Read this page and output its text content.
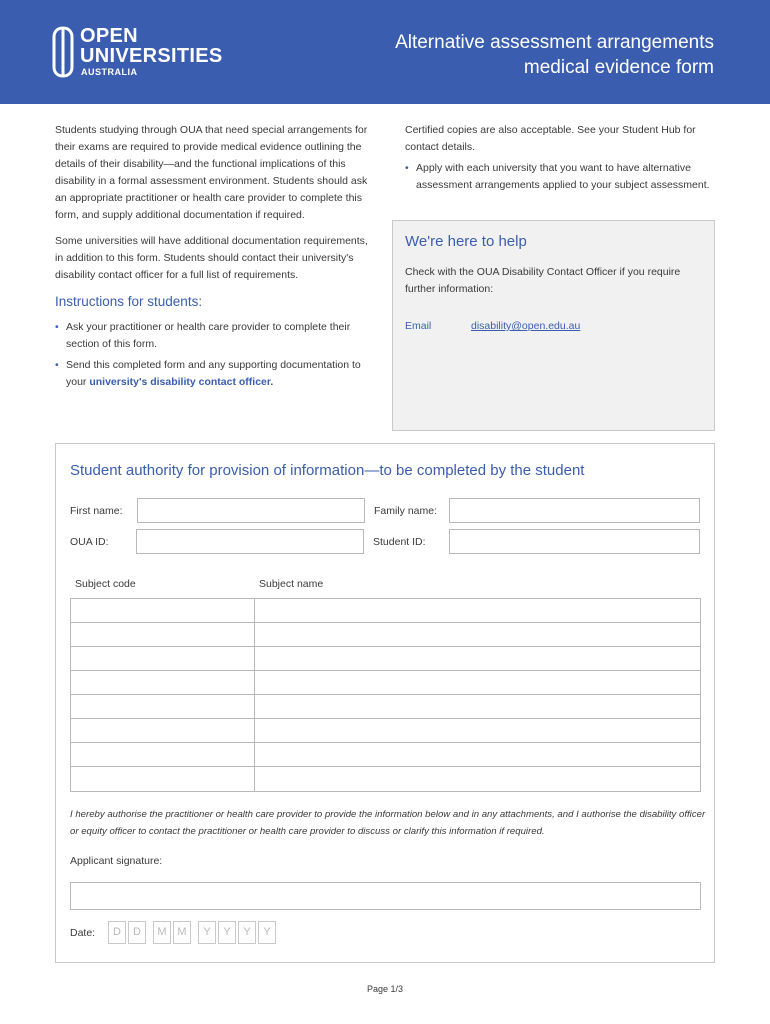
OPEN
UNIVERSITIES
AUSTRALIA
Alternative assessment arrangements
medical evidence form

Students studying through OUA that need special arrangements for their exams are required to provide medical evidence outlining the details of their disability—and the functional implications of this disability in a formal assessment environment. Students should ask an appropriate practitioner or health care provider to complete this form, and supply additional documentation if required.

Some universities will have additional documentation requirements, in addition to this form. Students should contact their university's disability contact officer for a full list of requirements.

Instructions for students:
• Ask your practitioner or health care provider to complete their section of this form.
• Send this completed form and any supporting documentation to your university's disability contact officer.

Certified copies are also acceptable. See your Student Hub for contact details.

• Apply with each university that you want to have alternative assessment arrangements applied to your subject assessment.
We're here to help
Check with the OUA Disability Contact Officer if you require further information:
Email	disability@open.edu.au
Student authority for provision of information—to be completed by the student
First name:	Family name:
OUA ID:	Student ID:
Subject code	Subject name
I hereby authorise the practitioner or health care provider to provide the information below and in any attachments, and I authorise the disability officer or equity officer to contact the practitioner or health care provider to discuss or clarify this information if required.
Applicant signature:
Date:	D	D	M M	Y	Y	Y	Y
Page 1/3
